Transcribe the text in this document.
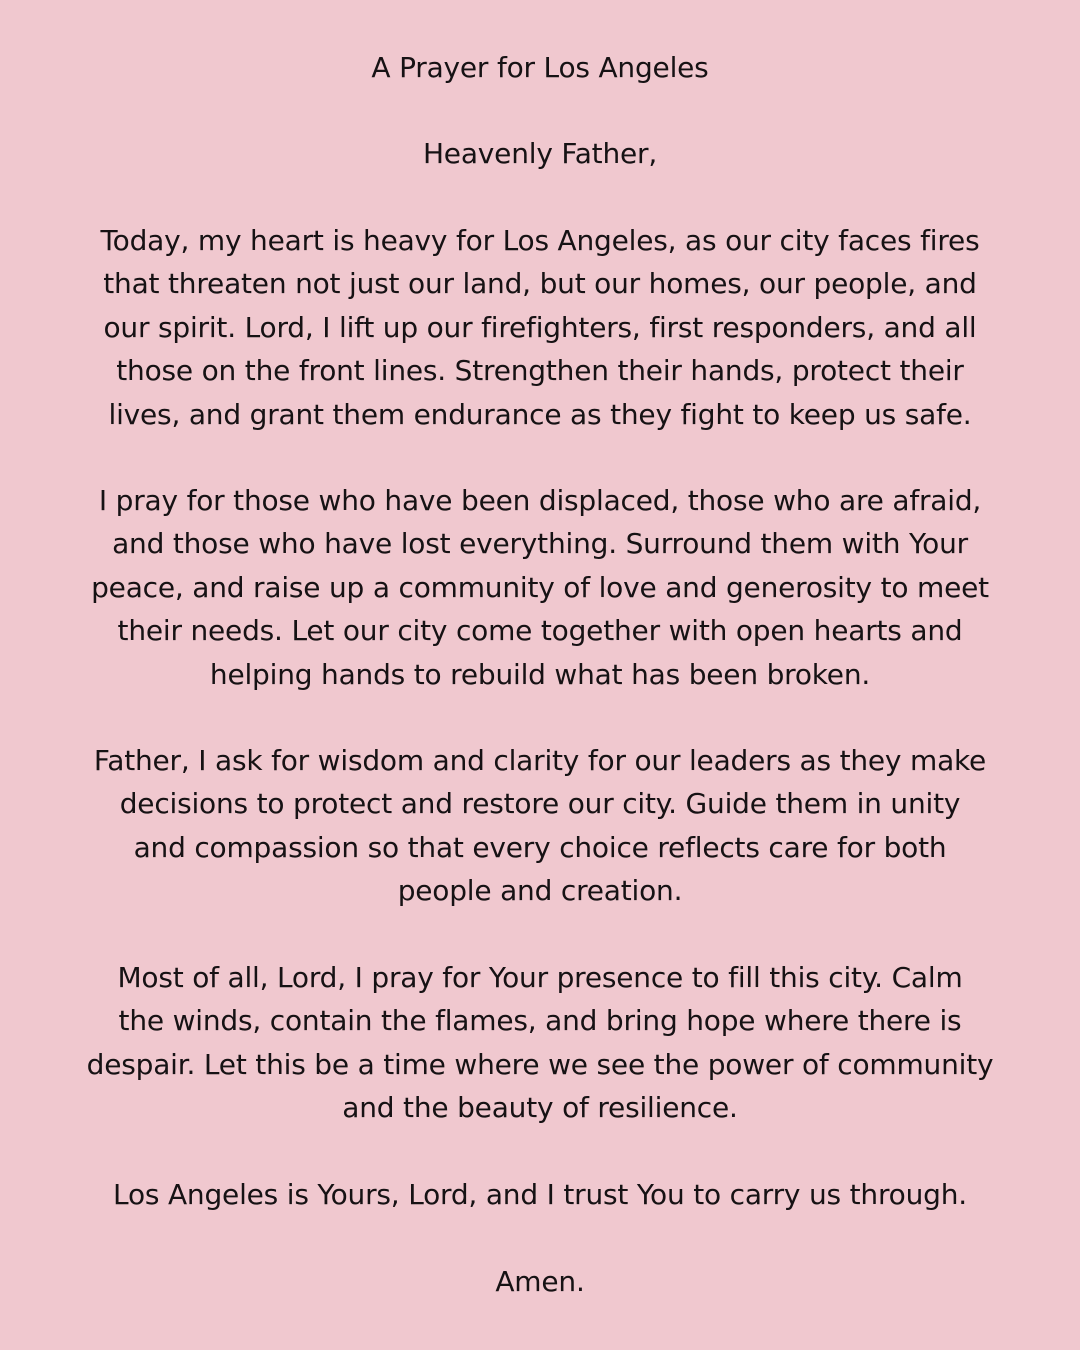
A Prayer for Los Angeles

Heavenly Father,

Today, my heart is heavy for Los Angeles, as our city faces fires
that threaten not just our land, but our homes, our people, and
our spirit. Lord, I lift up our firefighters, first responders, and all
those on the front lines. Strengthen their hands, protect their
lives, and grant them endurance as they fight to keep us safe.

I pray for those who have been displaced, those who are afraid,
and those who have lost everything. Surround them with Your
peace, and raise up a community of love and generosity to meet
their needs. Let our city come together with open hearts and
helping hands to rebuild what has been broken.

Father, I ask for wisdom and clarity for our leaders as they make
decisions to protect and restore our city. Guide them in unity
and compassion so that every choice reflects care for both
people and creation.

Most of all, Lord, I pray for Your presence to fill this city. Calm
the winds, contain the flames, and bring hope where there is
despair. Let this be a time where we see the power of community
and the beauty of resilience.

Los Angeles is Yours, Lord, and I trust You to carry us through.

Amen.
